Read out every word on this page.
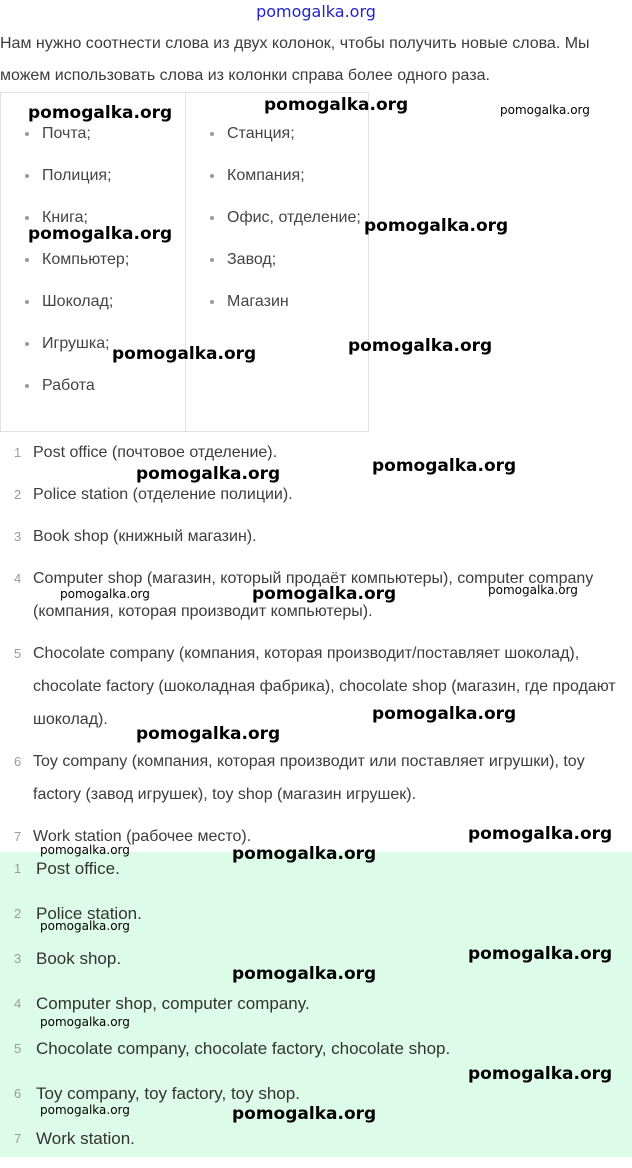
pomogalka.org
Нам нужно соотнести слова из двух колонок, чтобы получить новые слова. Мы можем использовать слова из колонки справа более одного раза.
Почта;
Полиция;
Книга;
Компьютер;
Шоколад;
Игрушка;
Работа
Станция;
Компания;
Офис, отделение;
Завод;
Магазин
1 Post office (почтовое отделение).
2 Police station (отделение полиции).
3 Book shop (книжный магазин).
4 Computer shop (магазин, который продаёт компьютеры), computer company (компания, которая производит компьютеры).
5 Chocolate company (компания, которая производит/поставляет шоколад), chocolate factory (шоколадная фабрика), chocolate shop (магазин, где продают шоколад).
6 Toy company (компания, которая производит или поставляет игрушки), toy factory (завод игрушек), toy shop (магазин игрушек).
7 Work station (рабочее место).
1 Post office.
2 Police station.
3 Book shop.
4 Computer shop, computer company.
5 Chocolate company, chocolate factory, chocolate shop.
6 Toy company, toy factory, toy shop.
7 Work station.
pomogalka.org	pomogalka.org	pomogalka.org
pomogalka.org	pomogalka.org
pomogalka.org	pomogalka.org
pomogalka.org	pomogalka.org
pomogalka.org	pomogalka.org	pomogalka.org
pomogalka.org
pomogalka.org
pomogalka.org
pomogalka.org	pomogalka.org
pomogalka.org
pomogalka.org
pomogalka.org
pomogalka.org
pomogalka.org
pomogalka.org	pomogalka.org
